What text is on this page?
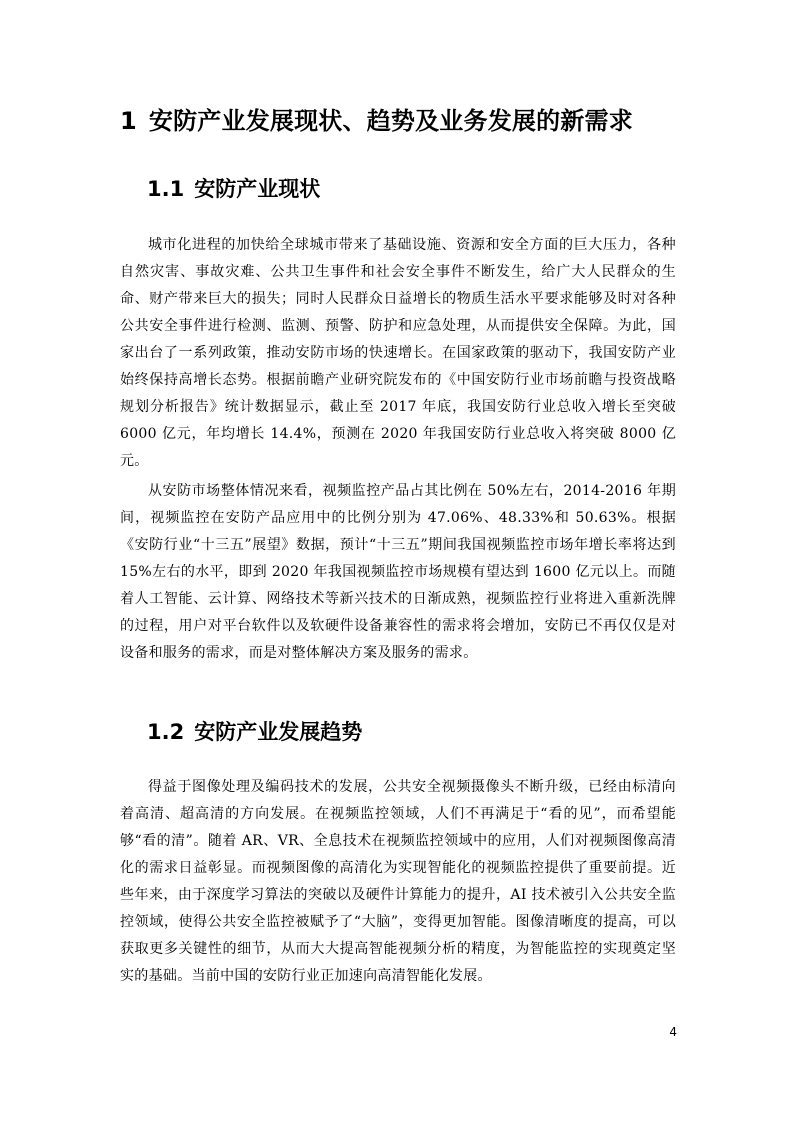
1 安防产业发展现状、趋势及业务发展的新需求
1.1 安防产业现状

城市化进程的加快给全球城市带来了基础设施、资源和安全方面的巨大压力，各种自然灾害、事故灾难、公共卫生事件和社会安全事件不断发生，给广大人民群众的生命、财产带来巨大的损失；同时人民群众日益增长的物质生活水平要求能够及时对各种公共安全事件进行检测、监测、预警、防护和应急处理，从而提供安全保障。为此，国家出台了一系列政策，推动安防市场的快速增长。在国家政策的驱动下，我国安防产业始终保持高增长态势。根据前瞻产业研究院发布的《中国安防行业市场前瞻与投资战略规划分析报告》统计数据显示，截止至 2017 年底，我国安防行业总收入增长至突破 6000 亿元，年均增长 14.4%，预测在 2020 年我国安防行业总收入将突破 8000 亿元。

从安防市场整体情况来看，视频监控产品占其比例在 50%左右，2014-2016 年期间，视频监控在安防产品应用中的比例分别为 47.06%、48.33%和 50.63%。根据《安防行业“十三五”展望》数据，预计“十三五”期间我国视频监控市场年增长率将达到 15%左右的水平，即到 2020 年我国视频监控市场规模有望达到 1600 亿元以上。而随着人工智能、云计算、网络技术等新兴技术的日渐成熟，视频监控行业将进入重新洗牌的过程，用户对平台软件以及软硬件设备兼容性的需求将会增加，安防已不再仅仅是对设备和服务的需求，而是对整体解决方案及服务的需求。

1.2 安防产业发展趋势

得益于图像处理及编码技术的发展，公共安全视频摄像头不断升级，已经由标清向着高清、超高清的方向发展。在视频监控领域，人们不再满足于“看的见”，而希望能够“看的清”。随着 AR、VR、全息技术在视频监控领域中的应用，人们对视频图像高清化的需求日益彰显。而视频图像的高清化为实现智能化的视频监控提供了重要前提。近些年来，由于深度学习算法的突破以及硬件计算能力的提升，AI 技术被引入公共安全监控领域，使得公共安全监控被赋予了“大脑”，变得更加智能。图像清晰度的提高，可以获取更多关键性的细节，从而大大提高智能视频分析的精度，为智能监控的实现奠定坚实的基础。当前中国的安防行业正加速向高清智能化发展。

4
